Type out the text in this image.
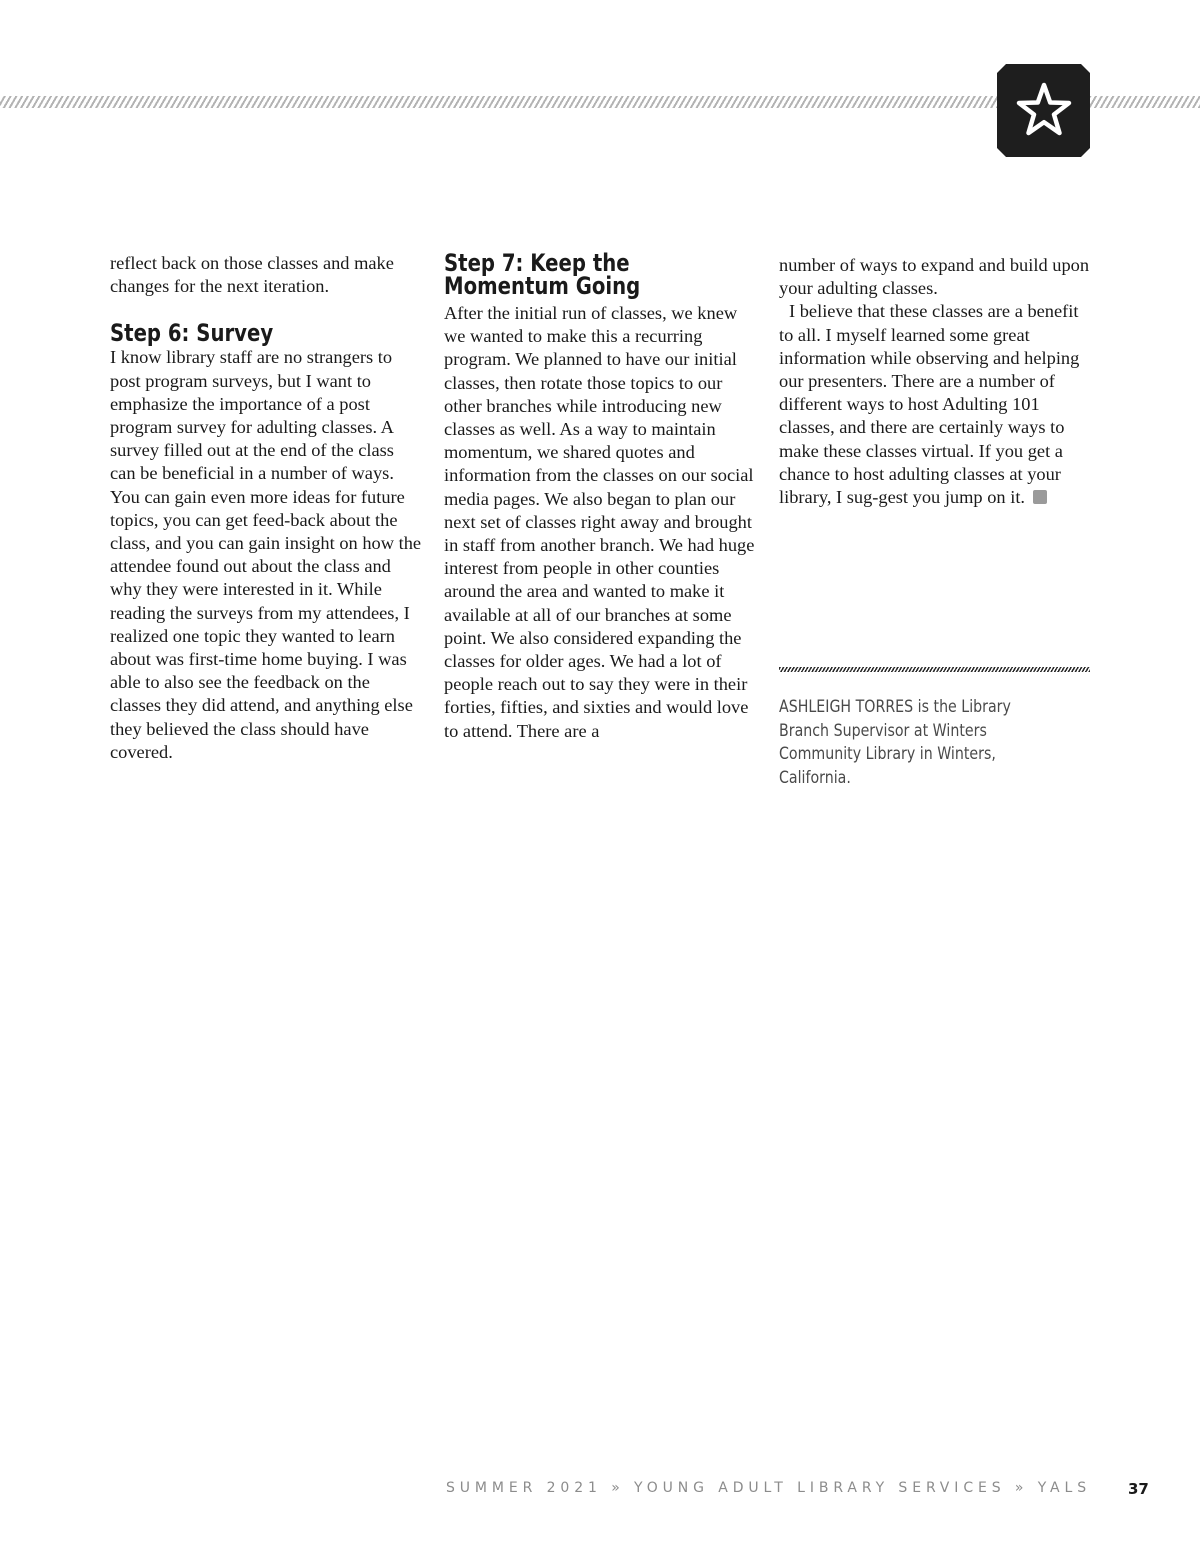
reflect back on those classes and make changes for the next iteration.

Step 6: Survey

I know library staff are no strangers to post program surveys, but I want to emphasize the importance of a post program survey for adulting classes. A survey filled out at the end of the class can be beneficial in a number of ways. You can gain even more ideas for future topics, you can get feed-back about the class, and you can gain insight on how the attendee found out about the class and why they were interested in it. While reading the surveys from my attendees, I realized one topic they wanted to learn about was first-time home buying. I was able to also see the feedback on the classes they did attend, and anything else they believed the class should have covered.

Step 7: Keep the Momentum Going

After the initial run of classes, we knew we wanted to make this a recurring program. We planned to have our initial classes, then rotate those topics to our other branches while introducing new classes as well. As a way to maintain momentum, we shared quotes and information from the classes on our social media pages. We also began to plan our next set of classes right away and brought in staff from another branch. We had huge interest from people in other counties around the area and wanted to make it available at all of our branches at some point. We also considered expanding the classes for older ages. We had a lot of people reach out to say they were in their forties, fifties, and sixties and would love to attend. There are a

number of ways to expand and build upon your adulting classes.

I believe that these classes are a benefit to all. I myself learned some great information while observing and helping our presenters. There are a number of different ways to host Adulting 101 classes, and there are certainly ways to make these classes virtual. If you get a chance to host adulting classes at your library, I sug-gest you jump on it.

ASHLEIGH TORRES is the Library Branch Supervisor at Winters Community Library in Winters, California.
SUMMER 2021 » YOUNG ADULT LIBRARY SERVICES » YALS 37
